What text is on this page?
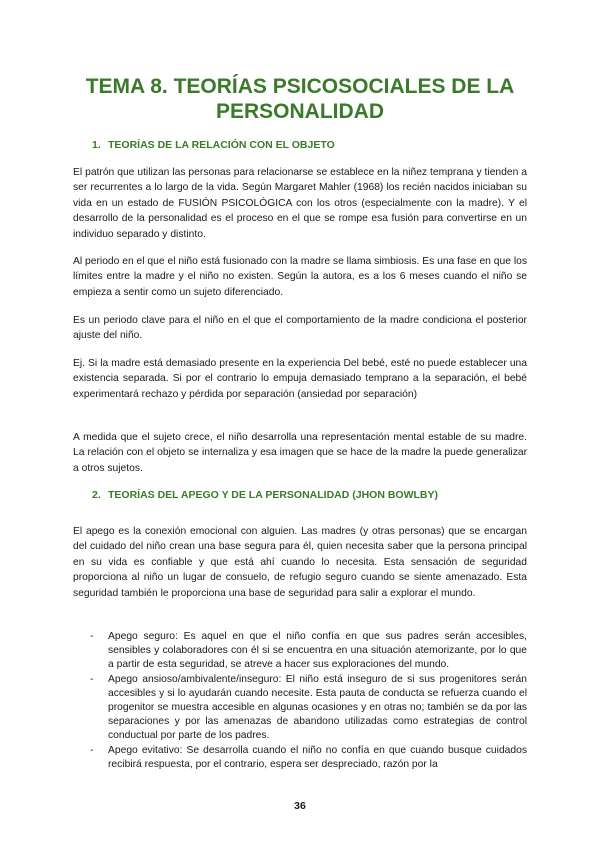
TEMA 8. TEORÍAS PSICOSOCIALES DE LA PERSONALIDAD
1. TEORÍAS DE LA RELACIÓN CON EL OBJETO

El patrón que utilizan las personas para relacionarse se establece en la niñez temprana y tienden a ser recurrentes a lo largo de la vida. Según Margaret Mahler (1968) los recién nacidos iniciaban su vida en un estado de FUSIÓN PSICOLÓGICA con los otros (especialmente con la madre). Y el desarrollo de la personalidad es el proceso en el que se rompe esa fusión para convertirse en un individuo separado y distinto.

Al periodo en el que el niño está fusionado con la madre se llama simbiosis. Es una fase en que los límites entre la madre y el niño no existen. Según la autora, es a los 6 meses cuando el niño se empieza a sentir como un sujeto diferenciado.

Es un periodo clave para el niño en el que el comportamiento de la madre condiciona el posterior ajuste del niño.

Ej. Si la madre está demasiado presente en la experiencia Del bebé, esté no puede establecer una existencia separada. Si por el contrario lo empuja demasiado temprano a la separación, el bebé experimentará rechazo y pérdida por separación (ansiedad por separación)

A medida que el sujeto crece, el niño desarrolla una representación mental estable de su madre. La relación con el objeto se internaliza y esa imagen que se hace de la madre la puede generalizar a otros sujetos.

2. TEORÍAS DEL APEGO Y DE LA PERSONALIDAD (JHON BOWLBY)

El apego es la conexión emocional con alguien. Las madres (y otras personas) que se encargan del cuidado del niño crean una base segura para él, quien necesita saber que la persona principal en su vida es confiable y que está ahí cuando lo necesita. Esta sensación de seguridad proporciona al niño un lugar de consuelo, de refugio seguro cuando se siente amenazado. Esta seguridad también le proporciona una base de seguridad para salir a explorar el mundo.

- Apego seguro: Es aquel en que el niño confía en que sus padres serán accesibles, sensibles y colaboradores con él si se encuentra en una situación atemorizante, por lo que a partir de esta seguridad, se atreve a hacer sus exploraciones del mundo.
- Apego ansioso/ambivalente/inseguro: El niño está inseguro de si sus progenitores serán accesibles y si lo ayudarán cuando necesite. Esta pauta de conducta se refuerza cuando el progenitor se muestra accesible en algunas ocasiones y en otras no; también se da por las separaciones y por las amenazas de abandono utilizadas como estrategias de control conductual por parte de los padres.
- Apego evitativo: Se desarrolla cuando el niño no confía en que cuando busque cuidados recibirá respuesta, por el contrario, espera ser despreciado, razón por la
36
